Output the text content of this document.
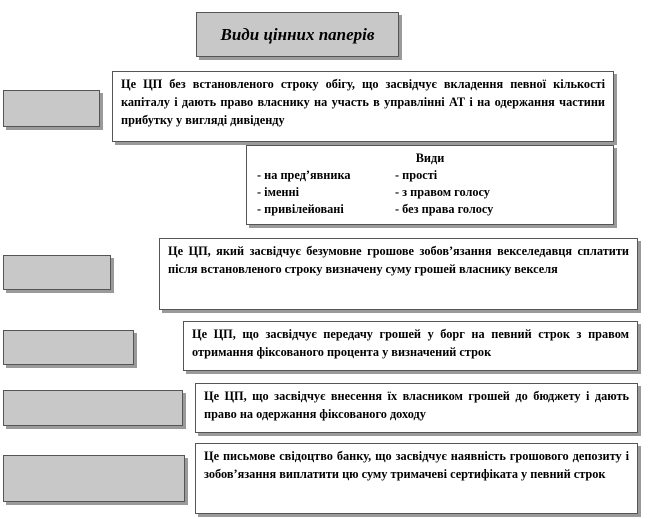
Види цінних паперів
Це ЦП без встановленого строку обігу, що засвідчує вкладення певної кількості капіталу і дають право власнику на участь в управлінні АТ і на одержання частини прибутку у вигляді дивіденду
Види
- на пред’явника	- прості
- іменні	- з правом голосу
- привілейовані	- без права голосу
Це ЦП, який засвідчує безумовне грошове зобов’язання векселедавця сплатити після встановленого строку визначену суму грошей власнику векселя
Це ЦП, що засвідчує передачу грошей у борг на певний строк з правом отримання фіксованого процента у визначений строк
Це ЦП, що засвідчує внесення їх власником грошей до бюджету і дають право на одержання фіксованого доходу
Це письмове свідоцтво банку, що засвідчує наявність грошового депозиту і зобов’язання виплатити цю суму тримачеві сертифіката у певний строк
